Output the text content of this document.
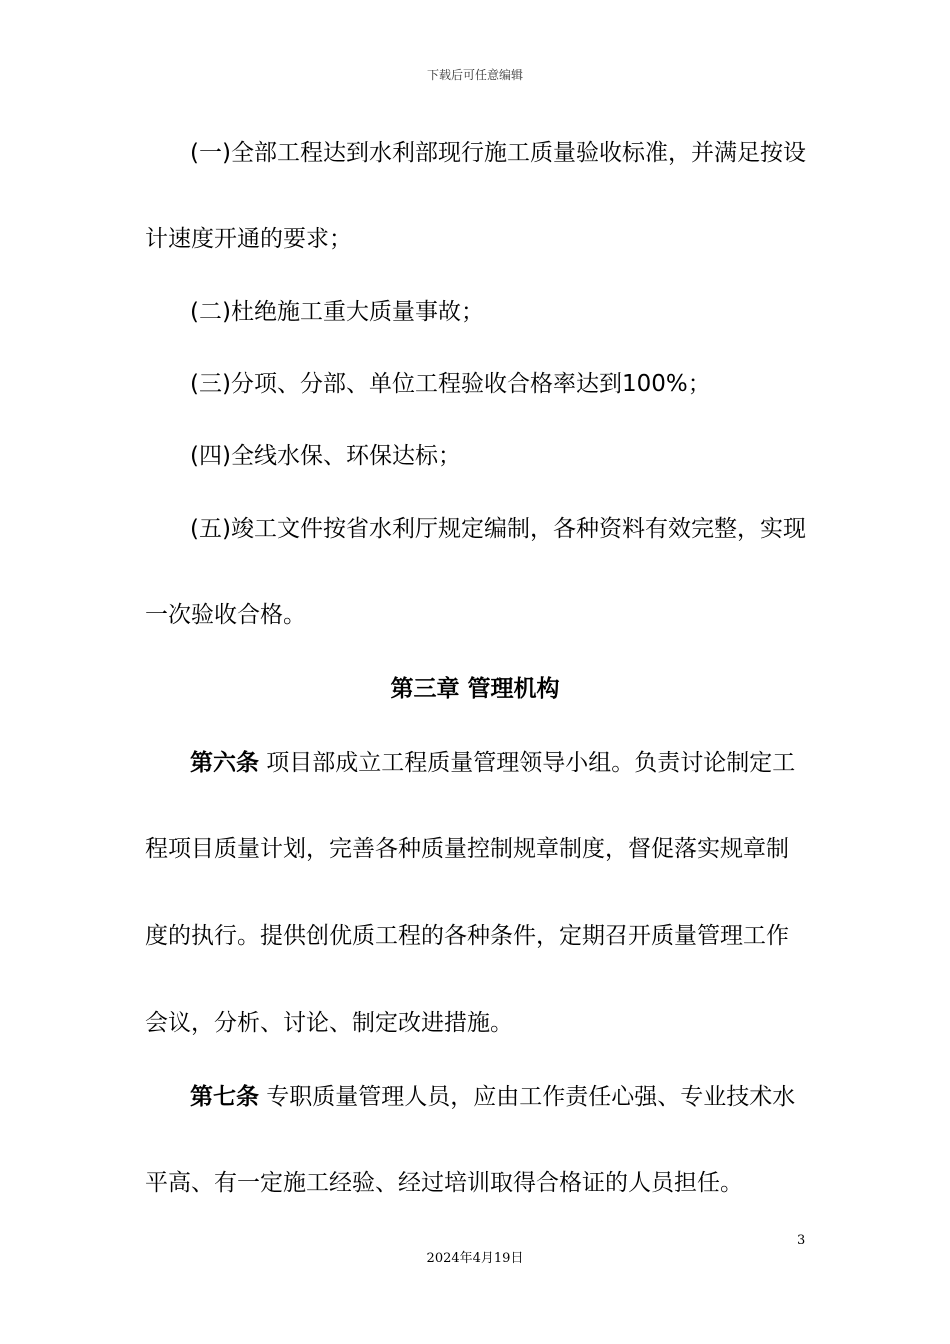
下载后可任意编辑
(一)全部工程达到水利部现行施工质量验收标准，并满足按设
计速度开通的要求；
(二)杜绝施工重大质量事故；
(三)分项、分部、单位工程验收合格率达到100%；
(四)全线水保、环保达标；
(五)竣工文件按省水利厅规定编制，各种资料有效完整，实现
一次验收合格。
第三章 管理机构
第六条 项目部成立工程质量管理领导小组。负责讨论制定工
程项目质量计划，完善各种质量控制规章制度，督促落实规章制
度的执行。提供创优质工程的各种条件，定期召开质量管理工作
会议，分析、讨论、制定改进措施。
第七条 专职质量管理人员，应由工作责任心强、专业技术水
平高、有一定施工经验、经过培训取得合格证的人员担任。
3
2024年4月19日
